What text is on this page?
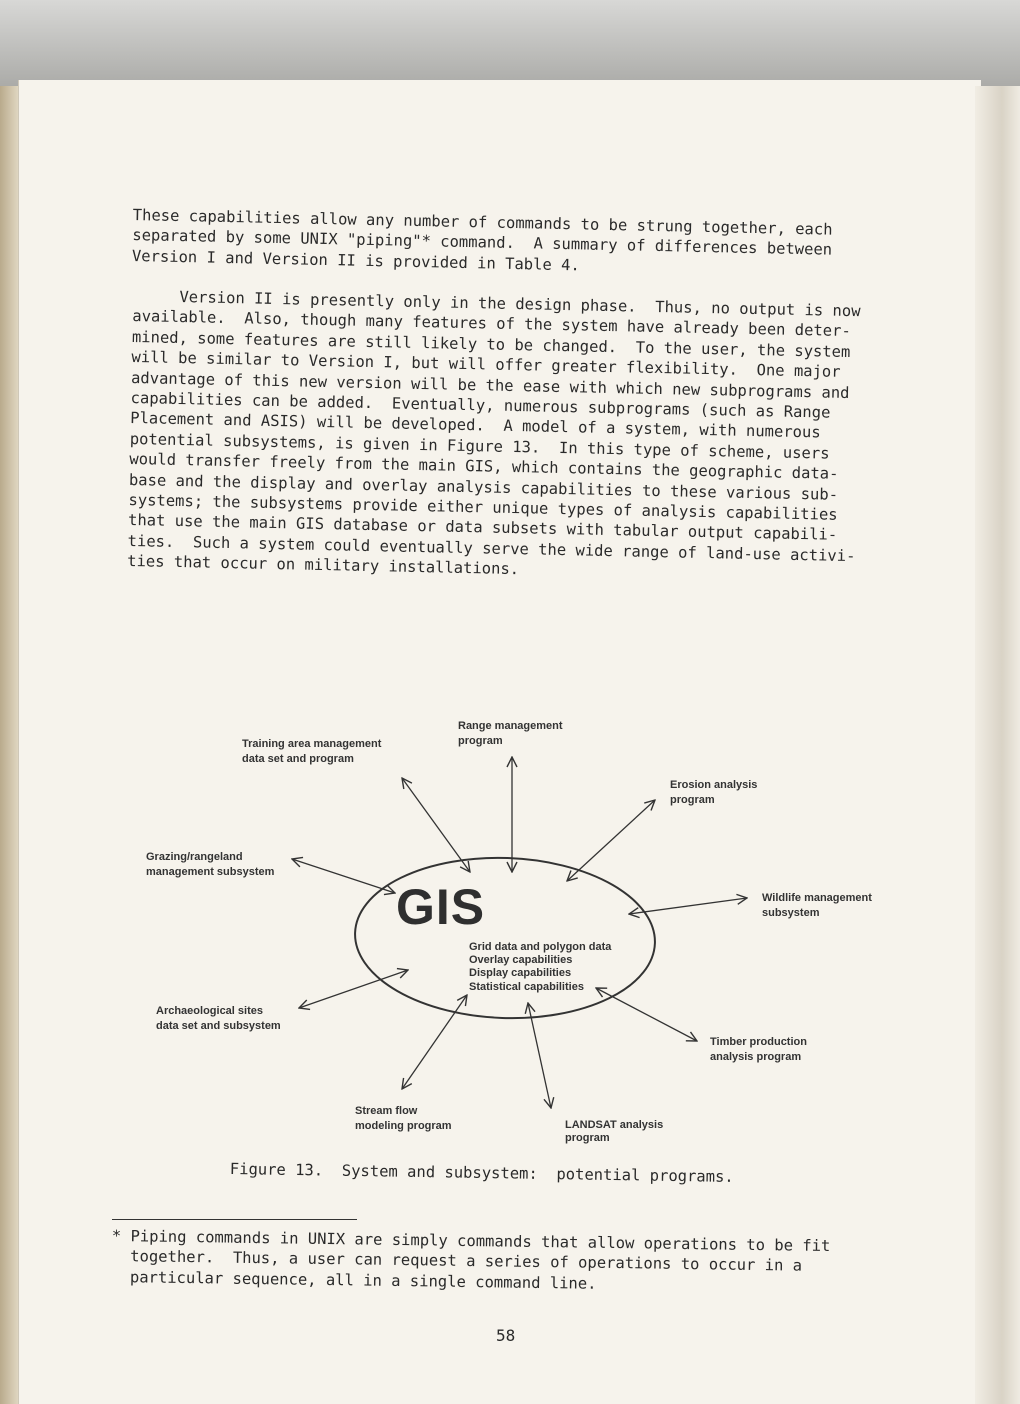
These capabilities allow any number of commands to be strung together, each
separated by some UNIX "piping"* command.  A summary of differences between
Version I and Version II is provided in Table 4.
Version II is presently only in the design phase.  Thus, no output is now
available.  Also, though many features of the system have already been deter-
mined, some features are still likely to be changed.  To the user, the system
will be similar to Version I, but will offer greater flexibility.  One major
advantage of this new version will be the ease with which new subprograms and
capabilities can be added.  Eventually, numerous subprograms (such as Range
Placement and ASIS) will be developed.  A model of a system, with numerous
potential subsystems, is given in Figure 13.  In this type of scheme, users
would transfer freely from the main GIS, which contains the geographic data-
base and the display and overlay analysis capabilities to these various sub-
systems; the subsystems provide either unique types of analysis capabilities
that use the main GIS database or data subsets with tabular output capabili-
ties.  Such a system could eventually serve the wide range of land-use activi-
ties that occur on military installations.
GIS
Grid data and polygon data
Overlay capabilities
Display capabilities
Statistical capabilities
Range management
program
Training area management
data set and program
Erosion analysis
program
Grazing/rangeland
management subsystem
Wildlife management
subsystem
Archaeological sites
data set and subsystem
Timber production
analysis program
Stream flow
modeling program	LANDSAT analysis
program
Figure 13.  System and subsystem:  potential programs.
* Piping commands in UNIX are simply commands that allow operations to be fit
together.  Thus, a user can request a series of operations to occur in a
particular sequence, all in a single command line.
58
